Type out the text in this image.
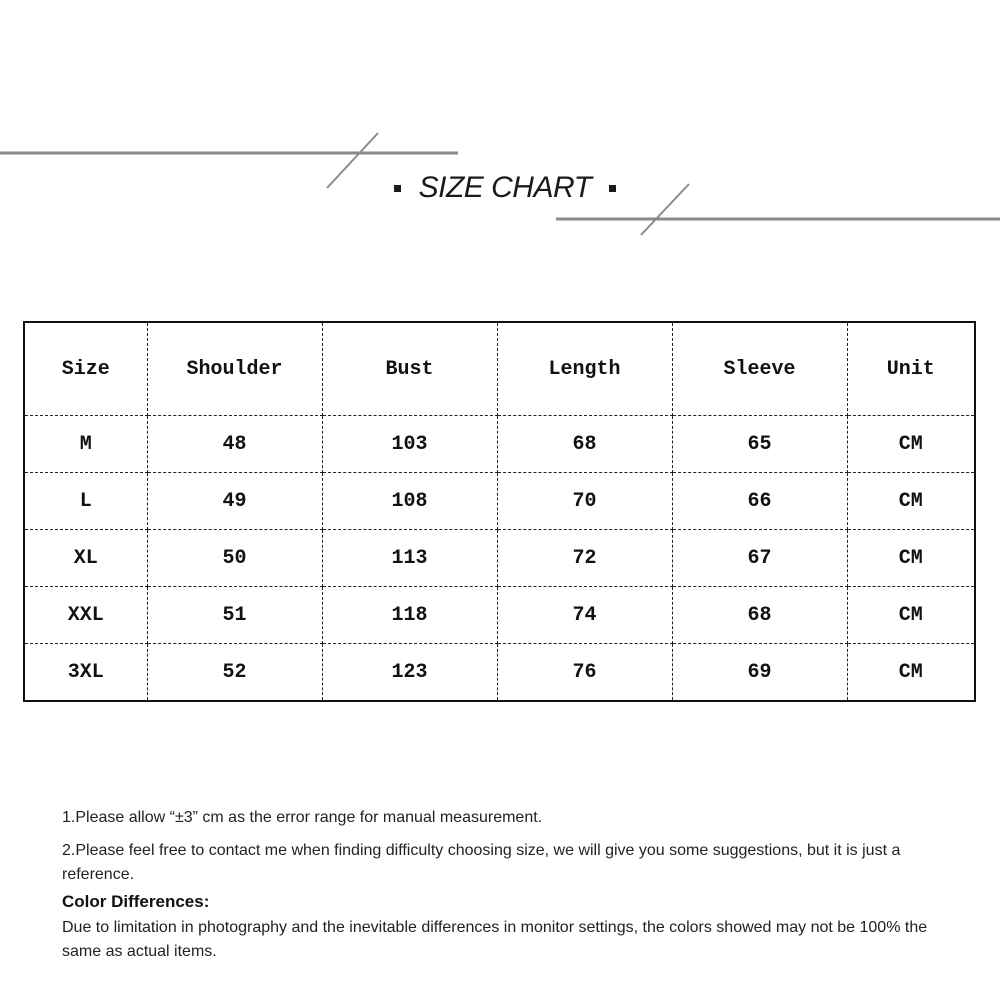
SIZE CHART
Size	Shoulder	Bust	Length	Sleeve	Unit
M	48	103	68	65	CM
L	49	108	70	66	CM
XL	50	113	72	67	CM
XXL	51	118	74	68	CM
3XL	52	123	76	69	CM

1.Please allow “±3” cm as the error range for manual measurement.

2.Please feel free to contact me when finding difficulty choosing size, we will give you some suggestions, but it is just a reference.

Color Differences:

Due to limitation in photography and the inevitable differences in monitor settings, the colors showed may not be 100% the same as actual items.
